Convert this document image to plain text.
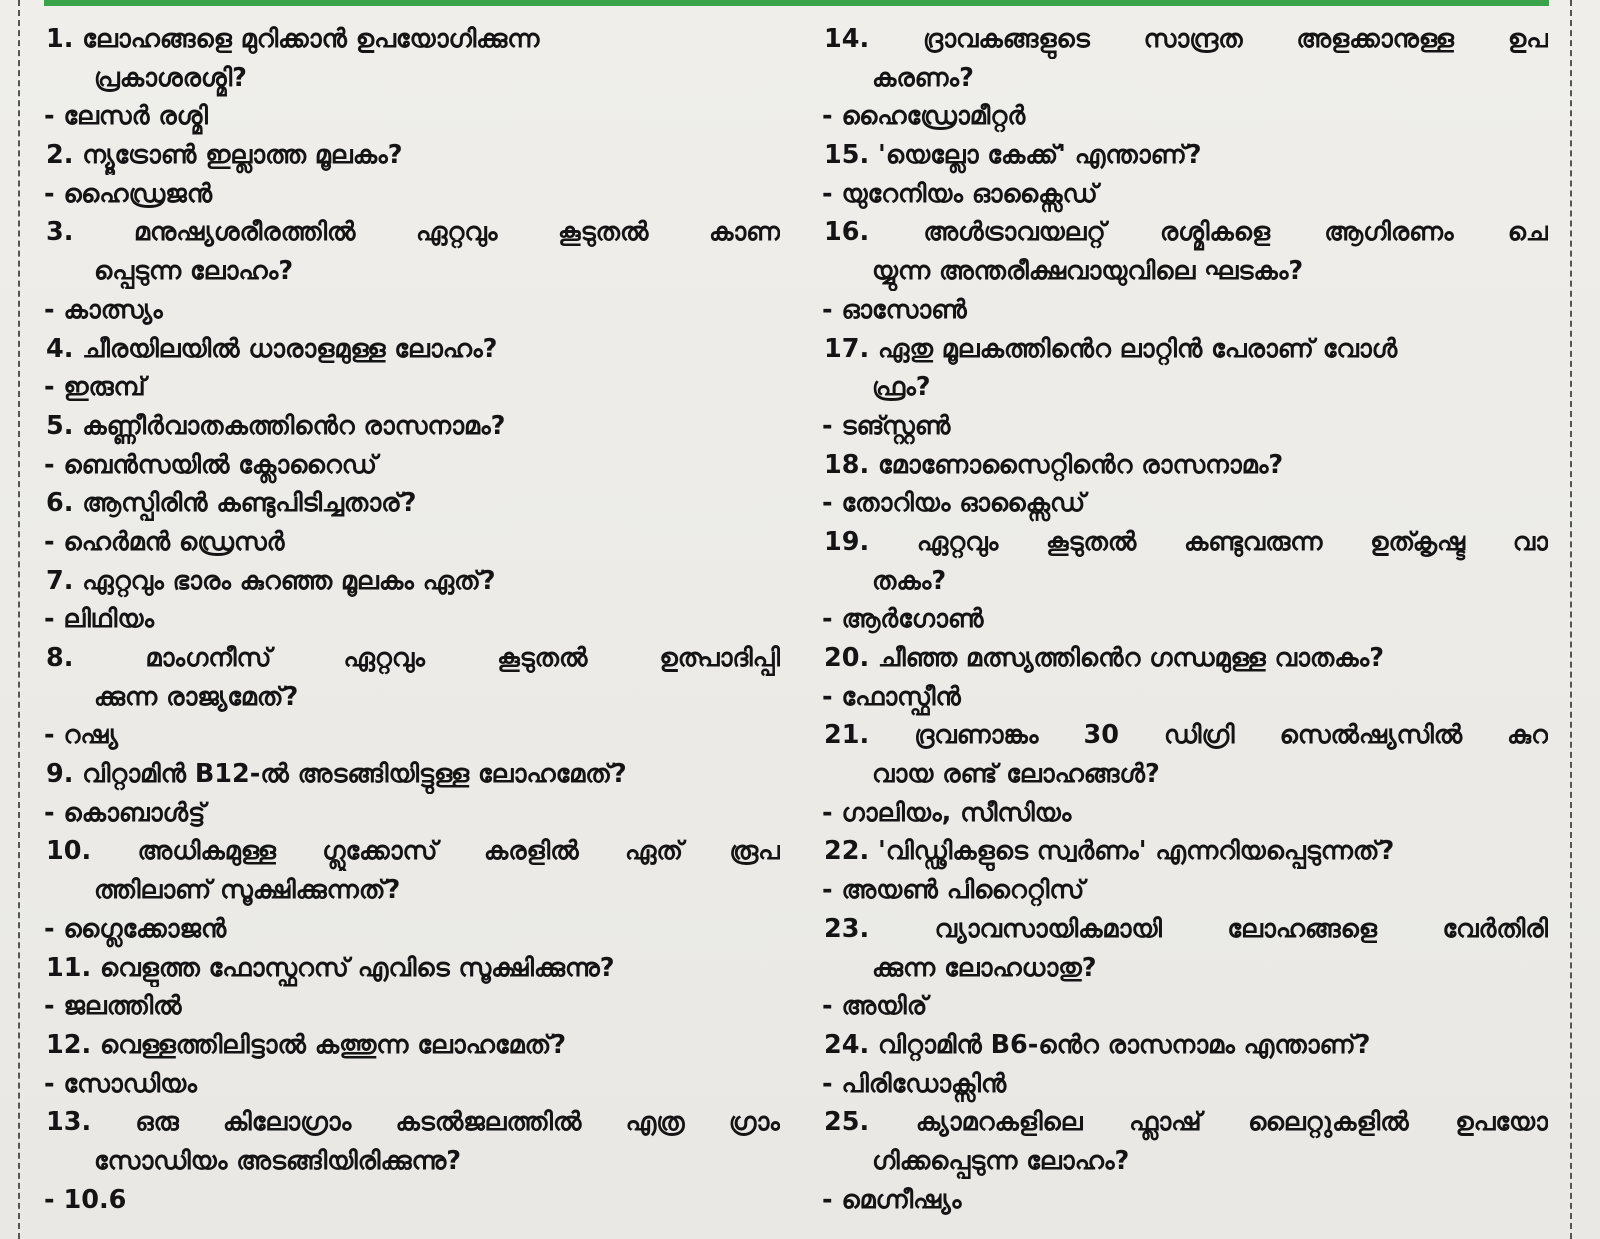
1. ലോഹങ്ങളെ മുറിക്കാൻ ഉപയോഗിക്കുന്ന
പ്രകാശരശ്മി?
- ലേസർ രശ്മി
2. ന്യൂട്രോൺ ഇല്ലാത്ത മൂലകം?
- ഹൈഡ്രജൻ
3. മനുഷ്യശരീരത്തിൽ ഏറ്റവും കൂടുതൽ കാണ
പ്പെടുന്ന ലോഹം?
- കാത്സ്യം
4. ചീരയിലയിൽ ധാരാളമുള്ള ലോഹം?
- ഇരുമ്പ്
5. കണ്ണീർവാതകത്തിൻെറ രാസനാമം?
- ബെൻസയിൽ ക്ലോറൈഡ്
6. ആസ്പിരിൻ കണ്ടുപിടിച്ചതാര്?
- ഹെർമൻ ഡ്രെസർ
7. ഏറ്റവും ഭാരം കുറഞ്ഞ മൂലകം ഏത്?
- ലിഥിയം
8. മാംഗനീസ് ഏറ്റവും കൂടുതൽ ഉത്പാദിപ്പി
ക്കുന്ന രാജ്യമേത്?
- റഷ്യ
9. വിറ്റാമിൻ B12-ൽ അടങ്ങിയിട്ടുള്ള ലോഹമേത്?
- കൊബാൾട്ട്
10. അധികമുള്ള ഗ്ലൂക്കോസ് കരളിൽ ഏത് രൂപ
ത്തിലാണ് സൂക്ഷിക്കുന്നത്?
- ഗ്ലൈക്കോജൻ
11. വെളുത്ത ഫോസ്ഫറസ് എവിടെ സൂക്ഷിക്കുന്നു?
- ജലത്തിൽ
12. വെള്ളത്തിലിട്ടാൽ കത്തുന്ന ലോഹമേത്?
- സോഡിയം
13. ഒരു കിലോഗ്രാം കടൽജലത്തിൽ എത്ര ഗ്രാം
സോഡിയം അടങ്ങിയിരിക്കുന്നു?
- 10.6
14. ദ്രാവകങ്ങളുടെ സാന്ദ്രത അളക്കാനുള്ള ഉപ
കരണം?
- ഹൈഡ്രോമീറ്റർ
15. 'യെല്ലോ കേക്ക്' എന്താണ്?
- യുറേനിയം ഓക്സൈഡ്
16. അൾട്രാവയലറ്റ് രശ്മികളെ ആഗിരണം ചെ
യ്യുന്ന അന്തരീക്ഷവായുവിലെ ഘടകം?
- ഓസോൺ
17. ഏതു മൂലകത്തിൻെറ ലാറ്റിൻ പേരാണ് വോൾ
ഫ്രം?
- ടങ്സ്റ്റൺ
18. മോണോസൈറ്റിൻെറ രാസനാമം?
- തോറിയം ഓക്സൈഡ്
19. ഏറ്റവും കൂടുതൽ കണ്ടുവരുന്ന ഉത്കൃഷ്ട വാ
തകം?
- ആർഗോൺ
20. ചീഞ്ഞ മത്സ്യത്തിൻെറ ഗന്ധമുള്ള വാതകം?
- ഫോസ്ഫീൻ
21. ദ്രവണാങ്കം 30 ഡിഗ്രി സെൽഷ്യസിൽ കുറ
വായ രണ്ട് ലോഹങ്ങൾ?
- ഗാലിയം, സീസിയം
22. 'വിഡ്ഢികളുടെ സ്വർണം' എന്നറിയപ്പെടുന്നത്?
- അയൺ പിറൈറ്റിസ്
23. വ്യാവസായികമായി ലോഹങ്ങളെ വേർതിരി
ക്കുന്ന ലോഹധാതു?
- അയിര്
24. വിറ്റാമിൻ B6-ൻെറ രാസനാമം എന്താണ്?
- പിരിഡോക്സിൻ
25. ക്യാമറകളിലെ ഫ്ലാഷ് ലൈറ്റുകളിൽ ഉപയോ
ഗിക്കപ്പെടുന്ന ലോഹം?
- മെഗ്നീഷ്യം
